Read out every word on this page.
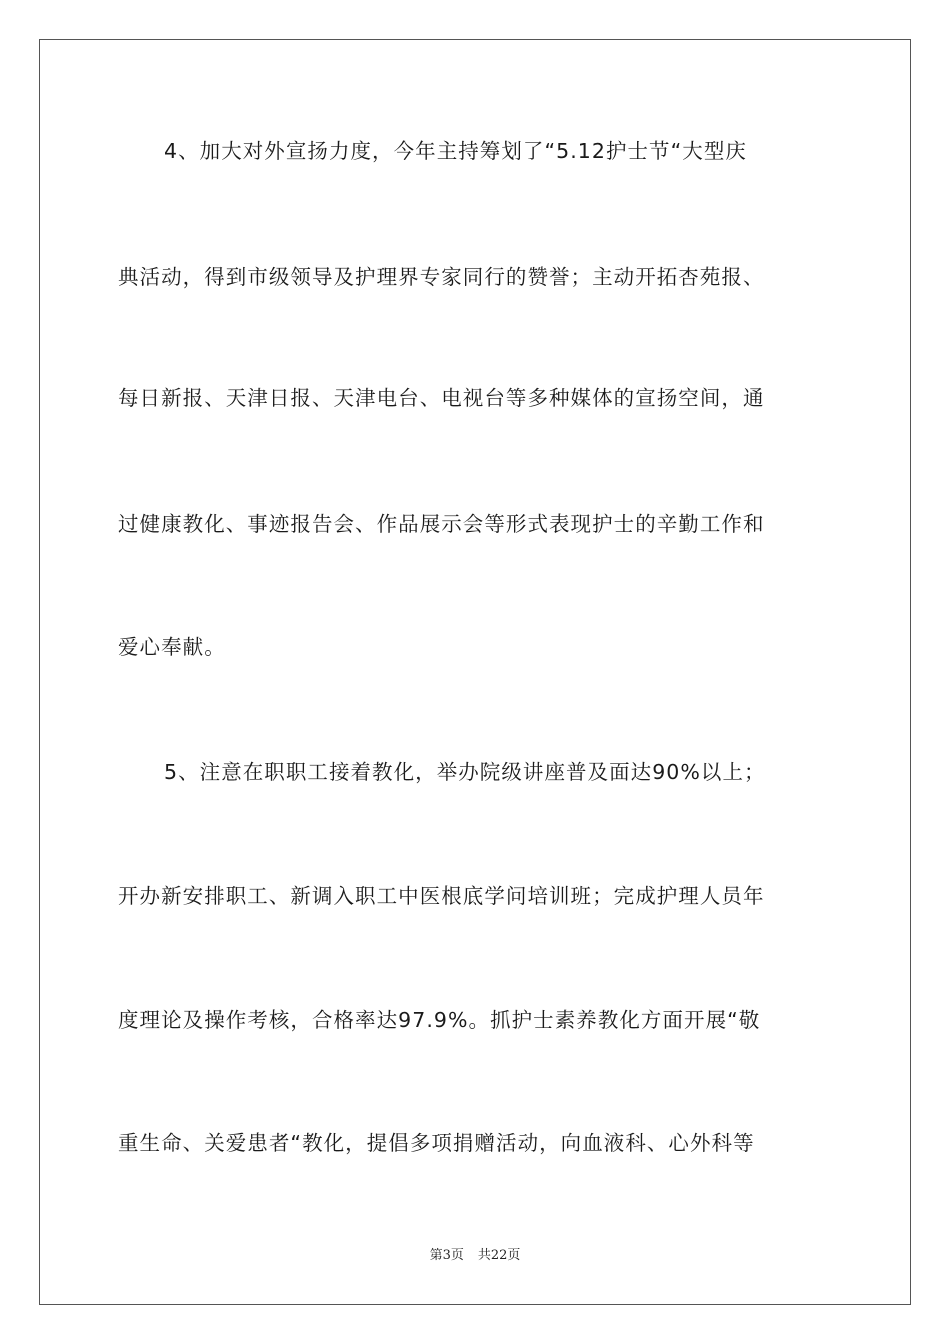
4、加大对外宣扬力度，今年主持筹划了“5.12护士节“大型庆
典活动，得到市级领导及护理界专家同行的赞誉；主动开拓杏苑报、
每日新报、天津日报、天津电台、电视台等多种媒体的宣扬空间，通
过健康教化、事迹报告会、作品展示会等形式表现护士的辛勤工作和
爱心奉献。
5、注意在职职工接着教化，举办院级讲座普及面达90%以上；
开办新安排职工、新调入职工中医根底学问培训班；完成护理人员年
度理论及操作考核，合格率达97.9%。抓护士素养教化方面开展“敬
重生命、关爱患者“教化，提倡多项捐赠活动，向血液科、心外科等
第3页 共22页
